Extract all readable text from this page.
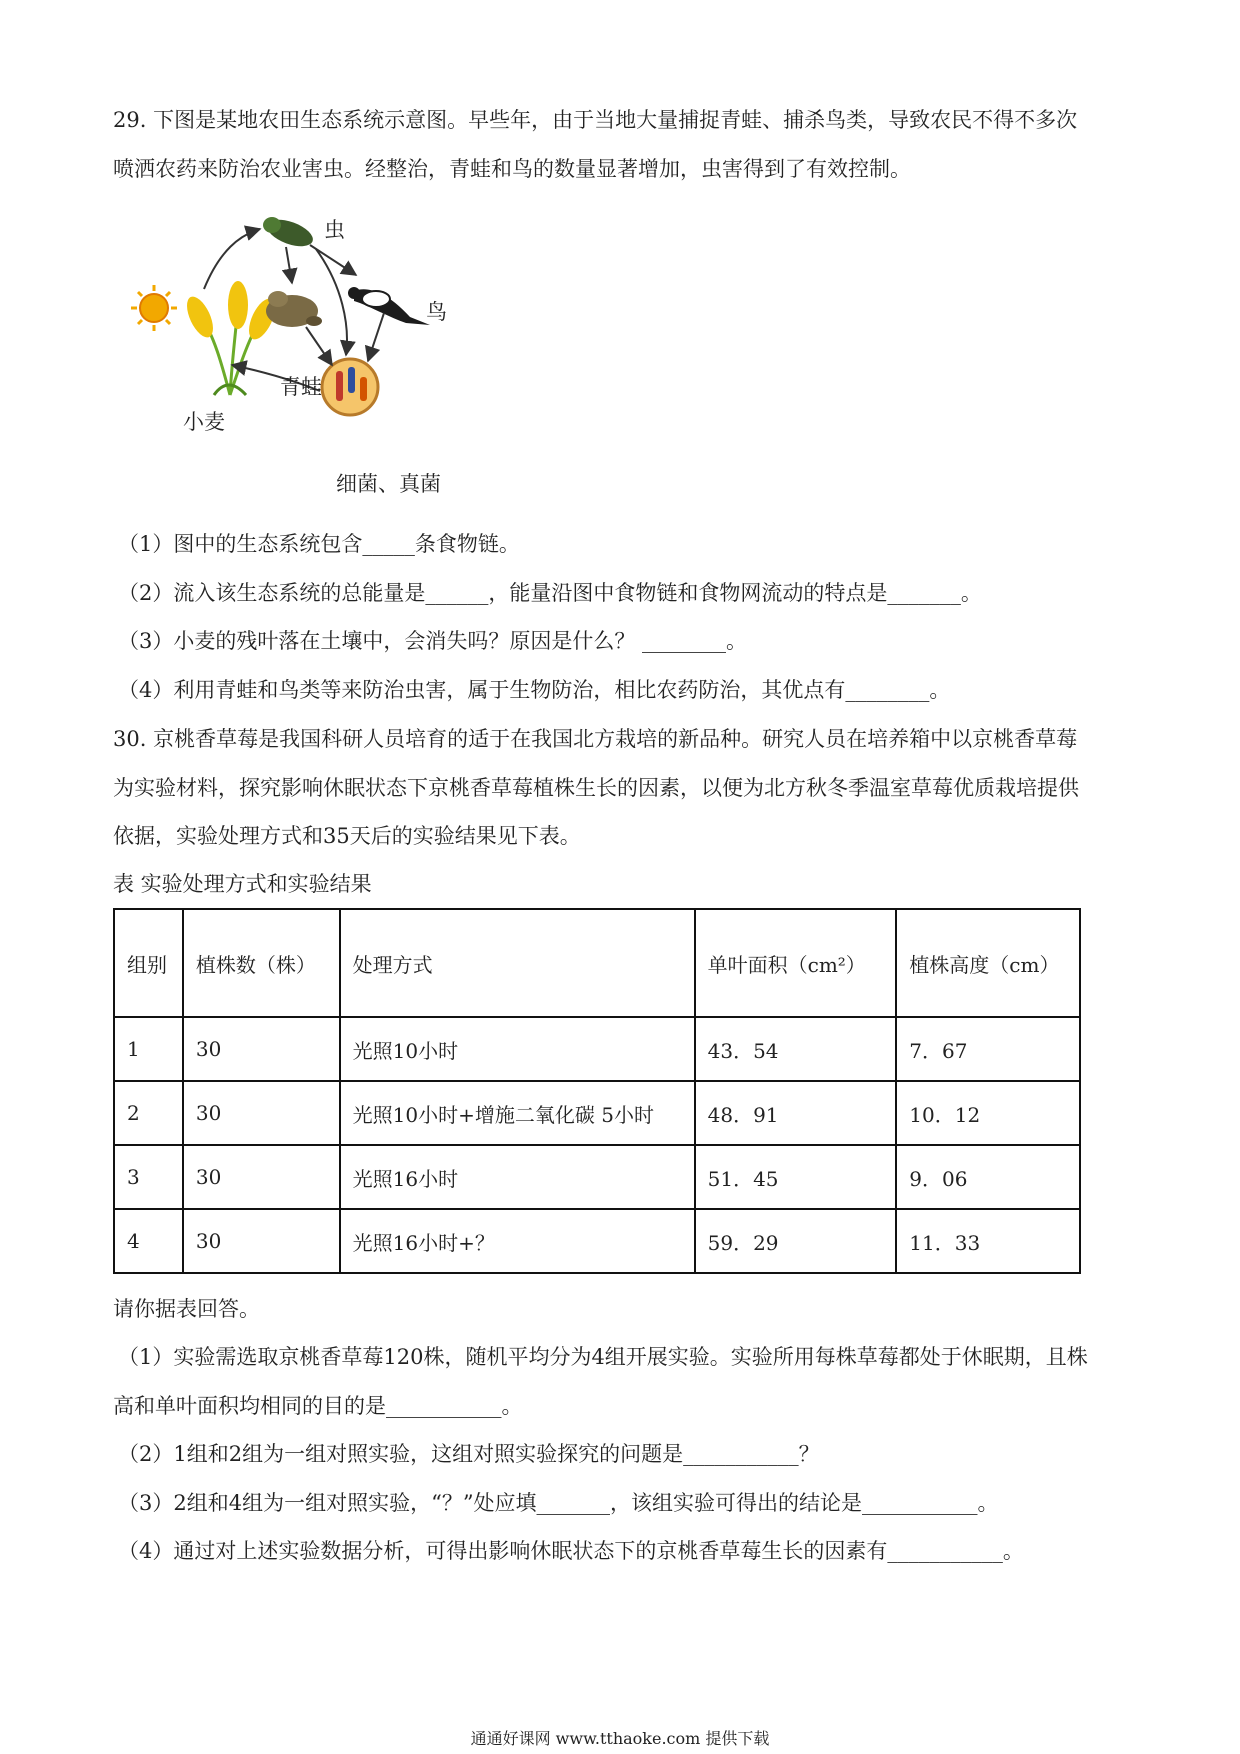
29. 下图是某地农田生态系统示意图。早些年，由于当地大量捕捉青蛙、捕杀鸟类，导致农民不得不多次
喷洒农药来防治农业害虫。经整治，青蛙和鸟的数量显著增加，虫害得到了有效控制。
虫
鸟
青蛙
小麦
细菌、真菌
（1）图中的生态系统包含_____条食物链。
（2）流入该生态系统的总能量是______，能量沿图中食物链和食物网流动的特点是_______。
（3）小麦的残叶落在土壤中，会消失吗？原因是什么？ ________。
（4）利用青蛙和鸟类等来防治虫害，属于生物防治，相比农药防治，其优点有________。
30. 京桃香草莓是我国科研人员培育的适于在我国北方栽培的新品种。研究人员在培养箱中以京桃香草莓
为实验材料，探究影响休眠状态下京桃香草莓植株生长的因素，以便为北方秋冬季温室草莓优质栽培提供
依据，实验处理方式和35天后的实验结果见下表。
表 实验处理方式和实验结果
组别	植株数（株）	处理方式	单叶面积（cm²）	植株高度（cm）
1	30	光照10小时	43．54	7．67
2	30	光照10小时+增施二氧化碳 5小时	48．91	10．12
3	30	光照16小时	51．45	9．06
4	30	光照16小时+？	59．29	11．33
请你据表回答。
（1）实验需选取京桃香草莓120株，随机平均分为4组开展实验。实验所用每株草莓都处于休眠期，且株
高和单叶面积均相同的目的是___________。
（2）1组和2组为一组对照实验，这组对照实验探究的问题是___________？
（3）2组和4组为一组对照实验，“？”处应填_______，该组实验可得出的结论是___________。
（4）通过对上述实验数据分析，可得出影响休眠状态下的京桃香草莓生长的因素有___________。
通通好课网 www.tthaoke.com 提供下载
